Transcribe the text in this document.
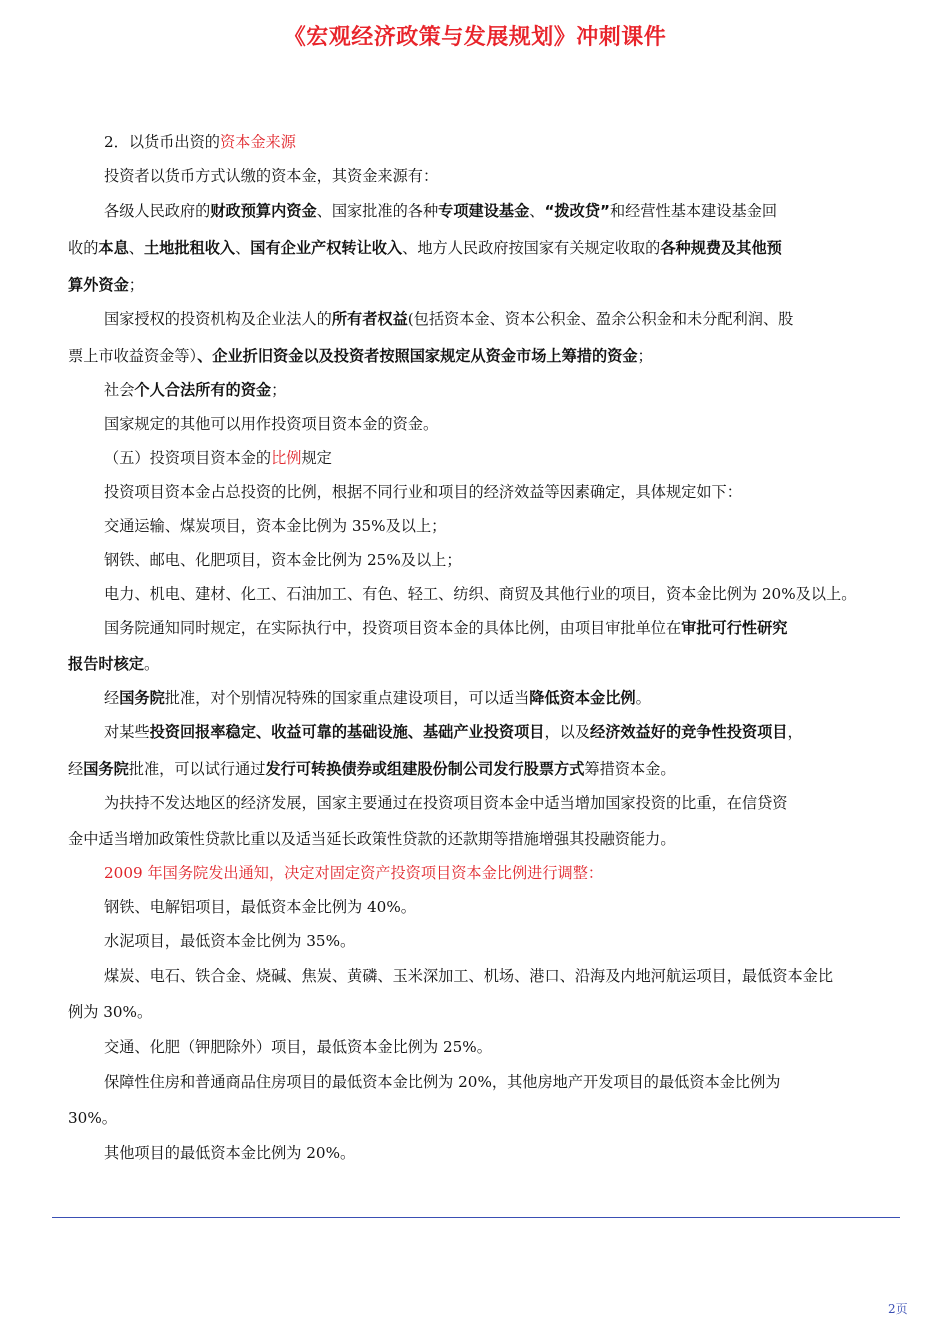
《宏观经济政策与发展规划》冲刺课件
2．以货币出资的资本金来源
投资者以货币方式认缴的资本金，其资金来源有：
各级人民政府的财政预算内资金、国家批准的各种专项建设基金、“拨改贷”和经营性基本建设基金回
收的本息、土地批租收入、国有企业产权转让收入、地方人民政府按国家有关规定收取的各种规费及其他预
算外资金；
国家授权的投资机构及企业法人的所有者权益(包括资本金、资本公积金、盈余公积金和未分配利润、股
票上市收益资金等）、企业折旧资金以及投资者按照国家规定从资金市场上筹措的资金；
社会个人合法所有的资金；
国家规定的其他可以用作投资项目资本金的资金。
（五）投资项目资本金的比例规定
投资项目资本金占总投资的比例，根据不同行业和项目的经济效益等因素确定，具体规定如下：
交通运输、煤炭项目，资本金比例为 35%及以上；
钢铁、邮电、化肥项目，资本金比例为 25%及以上；
电力、机电、建材、化工、石油加工、有色、轻工、纺织、商贸及其他行业的项目，资本金比例为 20%及以上。
国务院通知同时规定，在实际执行中，投资项目资本金的具体比例，由项目审批单位在审批可行性研究
报告时核定。
经国务院批准，对个别情况特殊的国家重点建设项目，可以适当降低资本金比例。
对某些投资回报率稳定、收益可靠的基础设施、基础产业投资项目，以及经济效益好的竞争性投资项目，
经国务院批准，可以试行通过发行可转换债券或组建股份制公司发行股票方式筹措资本金。
为扶持不发达地区的经济发展，国家主要通过在投资项目资本金中适当增加国家投资的比重，在信贷资
金中适当增加政策性贷款比重以及适当延长政策性贷款的还款期等措施增强其投融资能力。
2009 年国务院发出通知，决定对固定资产投资项目资本金比例进行调整：
钢铁、电解铝项目，最低资本金比例为 40%。
水泥项目，最低资本金比例为 35%。
煤炭、电石、铁合金、烧碱、焦炭、黄磷、玉米深加工、机场、港口、沿海及内地河航运项目，最低资本金比
例为 30%。
交通、化肥（钾肥除外）项目，最低资本金比例为 25%。
保障性住房和普通商品住房项目的最低资本金比例为 20%，其他房地产开发项目的最低资本金比例为
30%。
其他项目的最低资本金比例为 20%。
2页
